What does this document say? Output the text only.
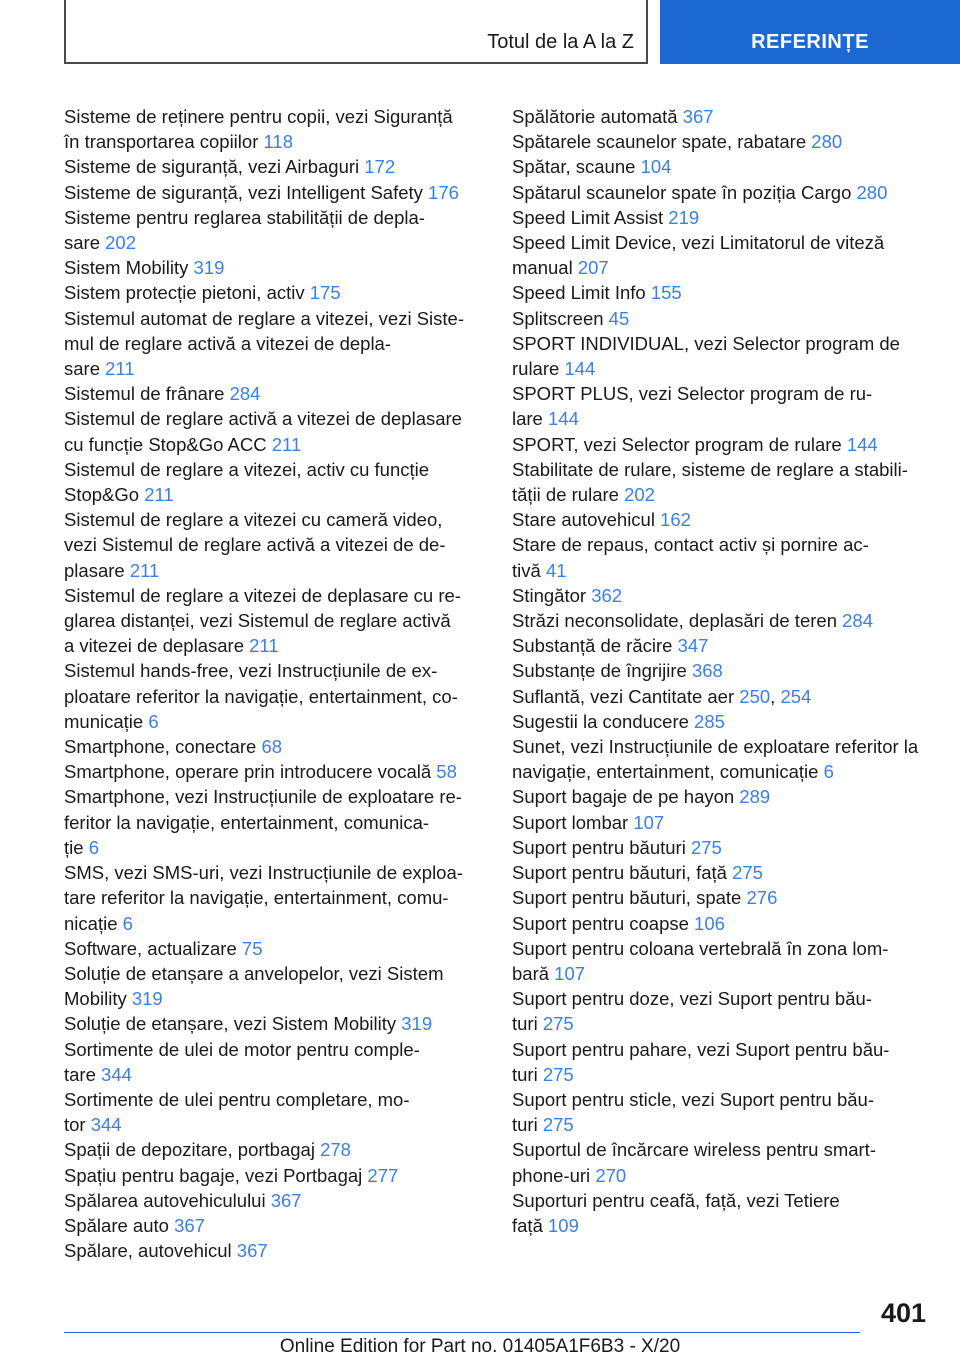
Totul de la A la Z	REFERINȚE
Sisteme de reținere pentru copii, vezi Siguranță
în transportarea copiilor 118
Sisteme de siguranță, vezi Airbaguri 172
Sisteme de siguranță, vezi Intelligent Safety 176
Sisteme pentru reglarea stabilității de depla-
sare 202
Sistem Mobility 319
Sistem protecție pietoni, activ 175
Sistemul automat de reglare a vitezei, vezi Siste-
mul de reglare activă a vitezei de depla-
sare 211
Sistemul de frânare 284
Sistemul de reglare activă a vitezei de deplasare
cu funcție Stop&Go ACC 211
Sistemul de reglare a vitezei, activ cu funcție
Stop&Go 211
Sistemul de reglare a vitezei cu cameră video,
vezi Sistemul de reglare activă a vitezei de de-
plasare 211
Sistemul de reglare a vitezei de deplasare cu re-
glarea distanței, vezi Sistemul de reglare activă
a vitezei de deplasare 211
Sistemul hands-free, vezi Instrucțiunile de ex-
ploatare referitor la navigație, entertainment, co-
municație 6
Smartphone, conectare 68
Smartphone, operare prin introducere vocală 58
Smartphone, vezi Instrucțiunile de exploatare re-
feritor la navigație, entertainment, comunica-
ție 6
SMS, vezi SMS-uri, vezi Instrucțiunile de exploa-
tare referitor la navigație, entertainment, comu-
nicație 6
Software, actualizare 75
Soluție de etanșare a anvelopelor, vezi Sistem
Mobility 319
Soluție de etanșare, vezi Sistem Mobility 319
Sortimente de ulei de motor pentru comple-
tare 344
Sortimente de ulei pentru completare, mo-
tor 344
Spații de depozitare, portbagaj 278
Spațiu pentru bagaje, vezi Portbagaj 277
Spălarea autovehiculului 367
Spălare auto 367
Spălare, autovehicul 367
Spălătorie automată 367
Spătarele scaunelor spate, rabatare 280
Spătar, scaune 104
Spătarul scaunelor spate în poziția Cargo 280
Speed Limit Assist 219
Speed Limit Device, vezi Limitatorul de viteză
manual 207
Speed Limit Info 155
Splitscreen 45
SPORT INDIVIDUAL, vezi Selector program de
rulare 144
SPORT PLUS, vezi Selector program de ru-
lare 144
SPORT, vezi Selector program de rulare 144
Stabilitate de rulare, sisteme de reglare a stabili-
tății de rulare 202
Stare autovehicul 162
Stare de repaus, contact activ și pornire ac-
tivă 41
Stingător 362
Străzi neconsolidate, deplasări de teren 284
Substanță de răcire 347
Substanțe de îngrijire 368
Suflantă, vezi Cantitate aer 250, 254
Sugestii la conducere 285
Sunet, vezi Instrucțiunile de exploatare referitor la
navigație, entertainment, comunicație 6
Suport bagaje de pe hayon 289
Suport lombar 107
Suport pentru băuturi 275
Suport pentru băuturi, față 275
Suport pentru băuturi, spate 276
Suport pentru coapse 106
Suport pentru coloana vertebrală în zona lom-
bară 107
Suport pentru doze, vezi Suport pentru bău-
turi 275
Suport pentru pahare, vezi Suport pentru bău-
turi 275
Suport pentru sticle, vezi Suport pentru bău-
turi 275
Suportul de încărcare wireless pentru smart-
phone-uri 270
Suporturi pentru ceafă, față, vezi Tetiere
față 109
401
Online Edition for Part no. 01405A1F6B3 - X/20
